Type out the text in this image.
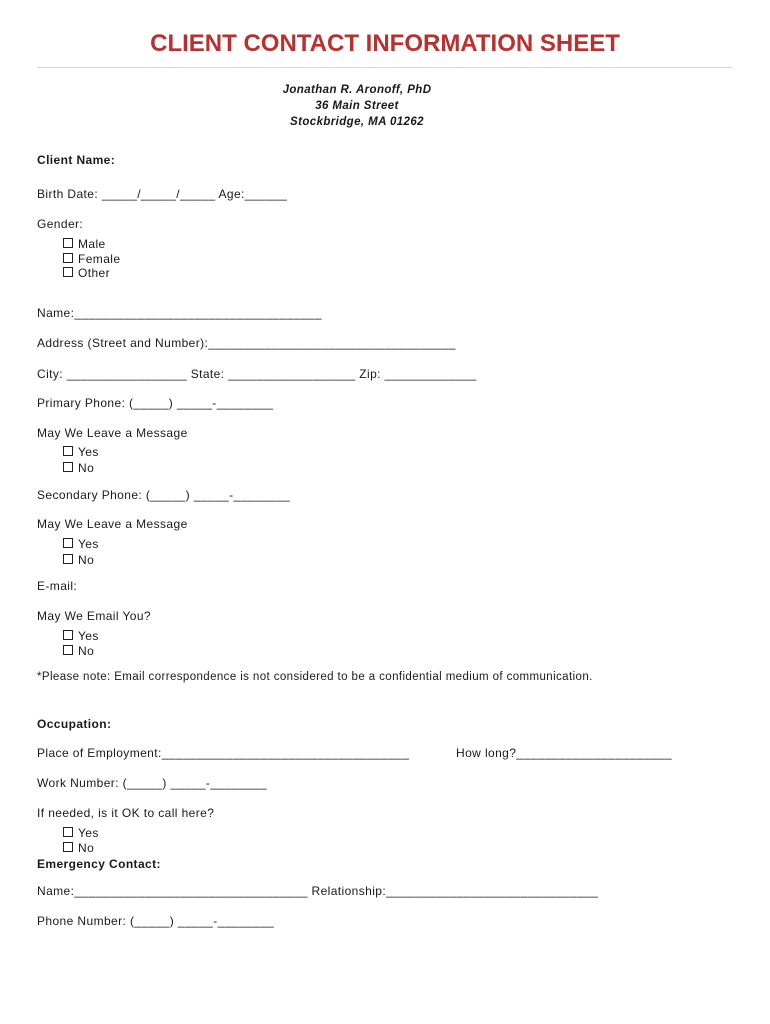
CLIENT CONTACT INFORMATION SHEET
Jonathan R. Aronoff, PhD
36 Main Street
Stockbridge, MA 01262
Client Name:
Birth Date: _____/_____/_____ Age:______
Gender:
Male
Female
Other
Name:___________________________________
Address (Street and Number):___________________________________
City: _________________ State: __________________ Zip: _____________
Primary Phone: (_____) _____-________
May We Leave a Message
Yes
No
Secondary Phone: (_____) _____-________
May We Leave a Message
Yes
No
E-mail:
May We Email You?
Yes
No
*Please note: Email correspondence is not considered to be a confidential medium of communication.
Occupation:
Place of Employment:___________________________________	How long?______________________
Work Number: (_____) _____-________
If needed, is it OK to call here?
Yes
No
Emergency Contact:
Name:_________________________________ Relationship:______________________________
Phone Number: (_____) _____-________
